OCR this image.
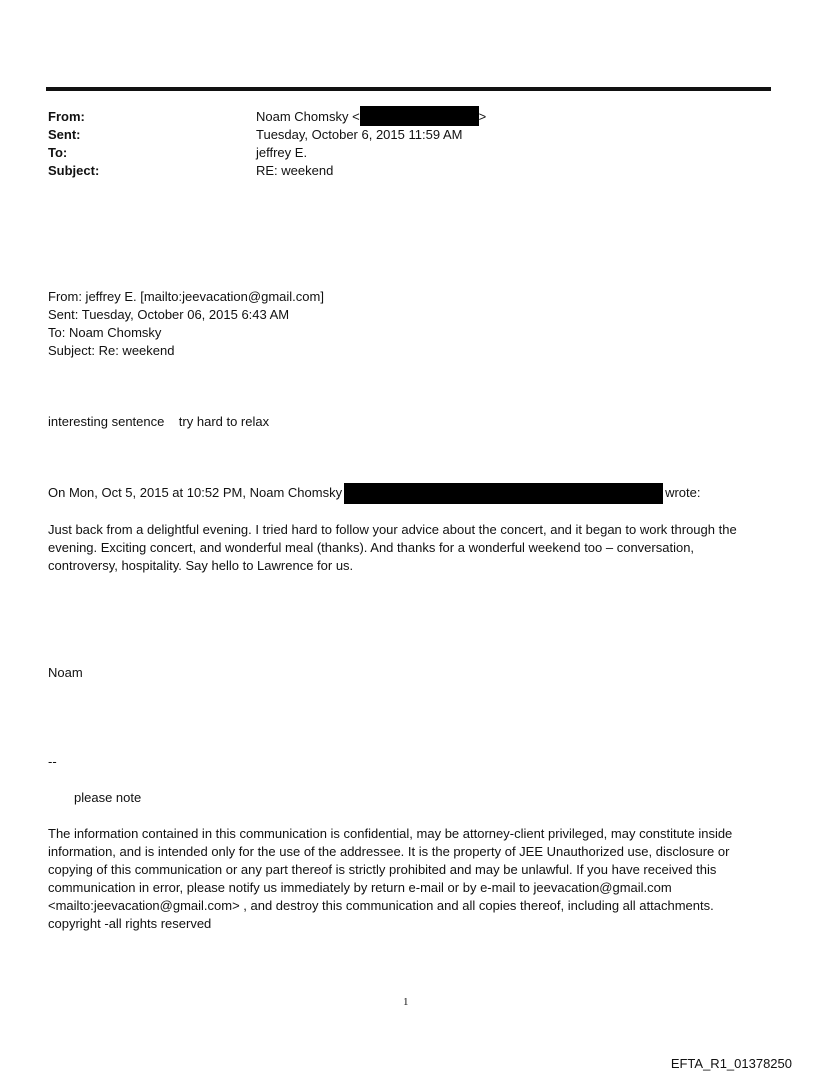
From:	Noam Chomsky <	>
Sent:	Tuesday, October 6, 2015 11:59 AM
To:	jeffrey E.
Subject:	RE: weekend
From: jeffrey E. [mailto:jeevacation@gmail.com]
Sent: Tuesday, October 06, 2015 6:43 AM
To: Noam Chomsky
Subject: Re: weekend
interesting sentence    try hard to relax
On Mon, Oct 5, 2015 at 10:52 PM, Noam Chomsky	wrote:
Just back from a delightful evening. I tried hard to follow your advice about the concert, and it began to work through the evening. Exciting concert, and wonderful meal (thanks). And thanks for a wonderful weekend too – conversation, controversy, hospitality. Say hello to Lawrence for us.
Noam
--
please note
The information contained in this communication is confidential, may be attorney-client privileged, may constitute inside information, and is intended only for the use of the addressee. It is the property of JEE Unauthorized use, disclosure or copying of this communication or any part thereof is strictly prohibited and may be unlawful. If you have received this communication in error, please notify us immediately by return e-mail or by e-mail to jeevacation@gmail.com <mailto:jeevacation@gmail.com> , and destroy this communication and all copies thereof, including all attachments. copyright -all rights reserved
1
EFTA_R1_01378250
